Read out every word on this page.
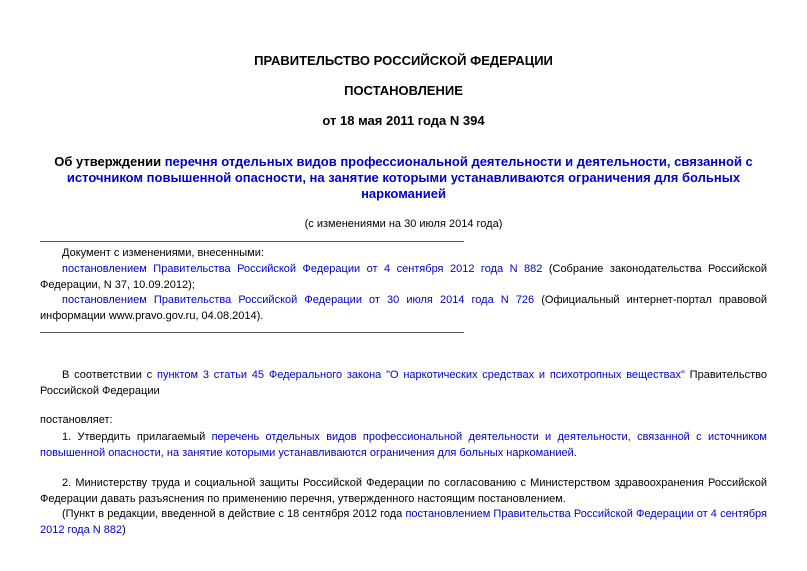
ПРАВИТЕЛЬСТВО РОССИЙСКОЙ ФЕДЕРАЦИИ
ПОСТАНОВЛЕНИЕ
от 18 мая 2011 года N 394
Об утверждении перечня отдельных видов профессиональной деятельности и деятельности, связанной с источником повышенной опасности, на занятие которыми устанавливаются ограничения для больных наркоманией
(с изменениями на 30 июля 2014 года)
Документ с изменениями, внесенными:
постановлением Правительства Российской Федерации от 4 сентября 2012 года N 882 (Собрание законодательства Российской Федерации, N 37, 10.09.2012);
постановлением Правительства Российской Федерации от 30 июля 2014 года N 726 (Официальный интернет-портал правовой информации www.pravo.gov.ru, 04.08.2014).
В соответствии с пунктом 3 статьи 45 Федерального закона "О наркотических средствах и психотропных веществах" Правительство Российской Федерации
постановляет:
1. Утвердить прилагаемый перечень отдельных видов профессиональной деятельности и деятельности, связанной с источником повышенной опасности, на занятие которыми устанавливаются ограничения для больных наркоманией.
2. Министерству труда и социальной защиты Российской Федерации по согласованию с Министерством здравоохранения Российской Федерации давать разъяснения по применению перечня, утвержденного настоящим постановлением.
(Пункт в редакции, введенной в действие с 18 сентября 2012 года постановлением Правительства Российской Федерации от 4 сентября 2012 года N 882)
